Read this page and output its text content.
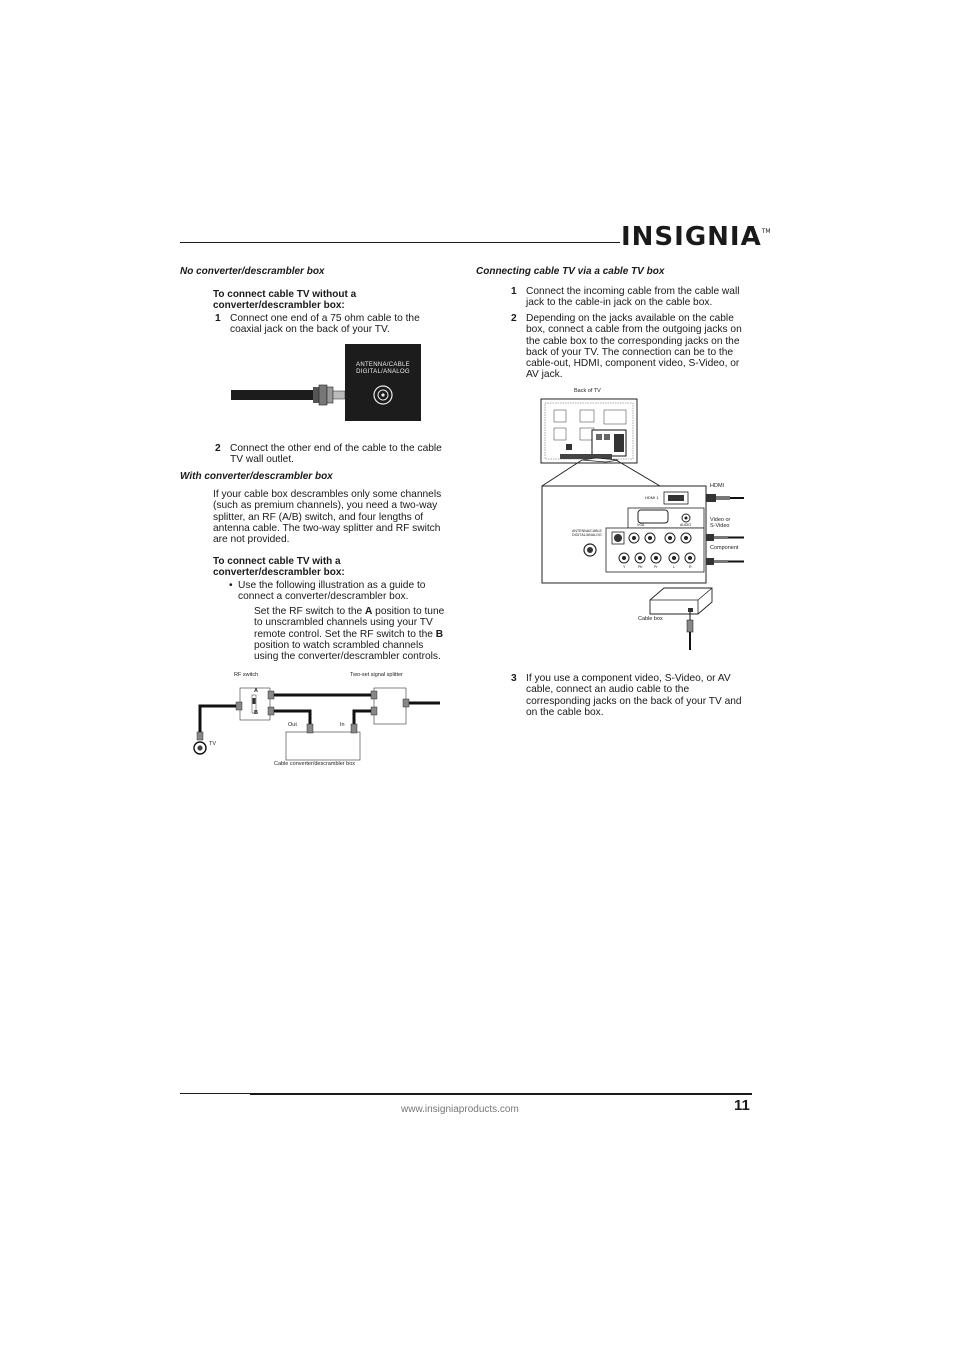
INSIGNIA™
No converter/descrambler box
To connect cable TV without a
converter/descrambler box:
1 Connect one end of a 75 ohm cable to the
coaxial jack on the back of your TV.
ANTENNA/CABLE
DIGITAL/ANALOG
2 Connect the other end of the cable to the cable
TV wall outlet.
With converter/descrambler box
If your cable box descrambles only some channels
(such as premium channels), you need a two-way
splitter, an RF (A/B) switch, and four lengths of
antenna cable. The two-way splitter and RF switch
are not provided.
To connect cable TV with a
converter/descrambler box:
• Use the following illustration as a guide to
connect a converter/descrambler box.
Set the RF switch to the A position to tune
to unscrambled channels using your TV
remote control. Set the RF switch to the B
position to watch scrambled channels
using the converter/descrambler controls.
RF switch	Two-set signal splitter
A
B
Out	In
TV
Cable converter/descrambler box
Connecting cable TV via a cable TV box
1 Connect the incoming cable from the cable wall
jack to the cable-in jack on the cable box.
2 Depending on the jacks available on the cable
box, connect a cable from the outgoing jacks on
the cable box to the corresponding jacks on the
back of your TV. The connection can be to the
cable-out, HDMI, component video, S-Video, or
AV jack.
Back of TV
HDMI
Video or
S-Video
Component
Cable box
HDMI 1
VGA	AUDIO
ANTENNA/CABLE
DIGITAL/ANALOG
Y	Pb	Pr	L	R
3 If you use a component video, S-Video, or AV
cable, connect an audio cable to the
corresponding jacks on the back of your TV and
on the cable box.
www.insigniaproducts.com	11
